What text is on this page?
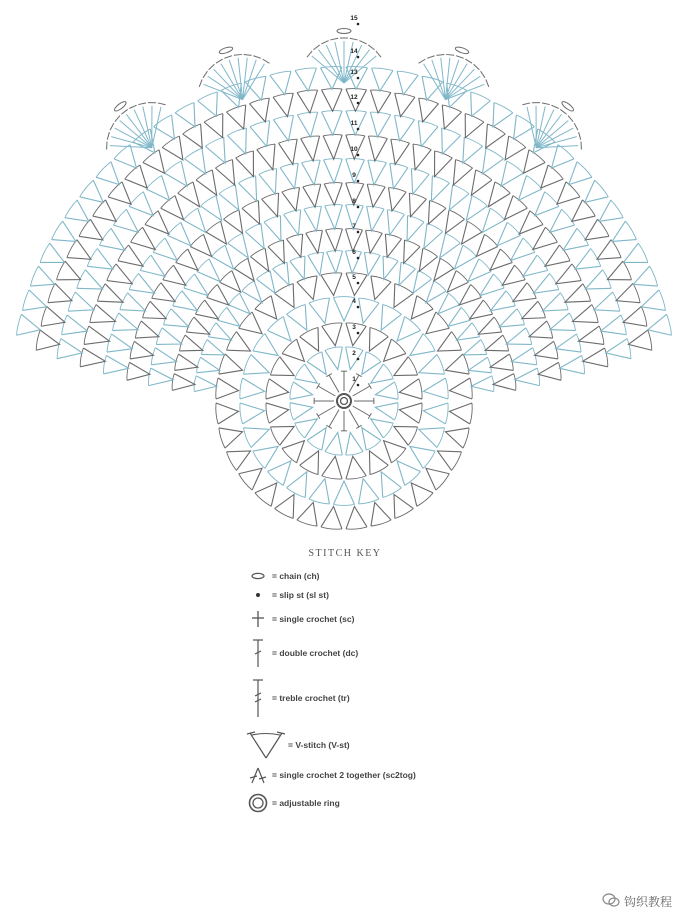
1
2
3
4
5
6
7
8
9
10
11
12
13
14
15
STITCH KEY
= chain (ch)
= slip st (sl st)
= single crochet (sc)
= double crochet (dc)
= treble crochet (tr)
= V-stitch (V-st)
= single crochet 2 together (sc2tog)
= adjustable ring
钩织教程
